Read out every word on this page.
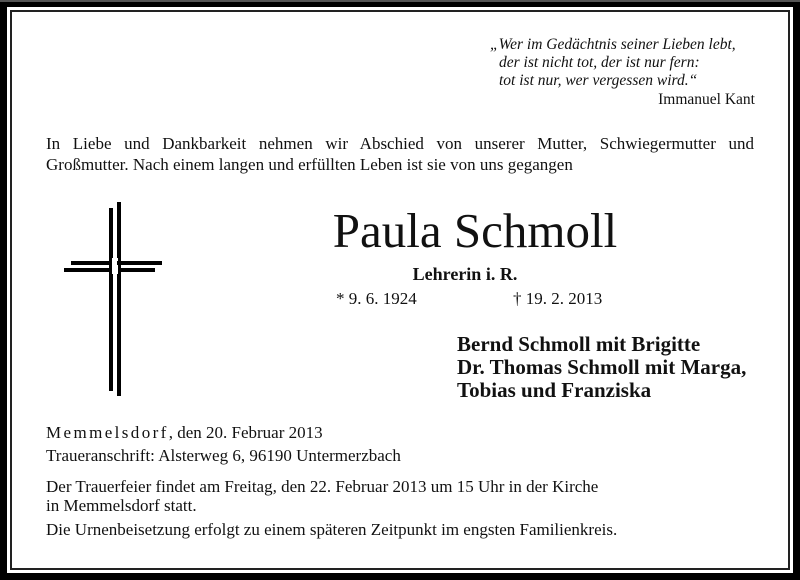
„Wer im Gedächtnis seiner Lieben lebt,
der ist nicht tot, der ist nur fern:
tot ist nur, wer vergessen wird.“
Immanuel Kant
In Liebe und Dankbarkeit nehmen wir Abschied von unserer Mutter, Schwiegermutter und
Großmutter. Nach einem langen und erfüllten Leben ist sie von uns gegangen
Paula Schmoll
Lehrerin i. R.
* 9. 6. 1924	† 19. 2. 2013
Bernd Schmoll mit Brigitte
Dr. Thomas Schmoll mit Marga,
Tobias und Franziska
Memmelsdorf, den 20. Februar 2013
Traueranschrift: Alsterweg 6, 96190 Untermerzbach
Der Trauerfeier findet am Freitag, den 22. Februar 2013 um 15 Uhr in der Kirche
in Memmelsdorf statt.
Die Urnenbeisetzung erfolgt zu einem späteren Zeitpunkt im engsten Familienkreis.
